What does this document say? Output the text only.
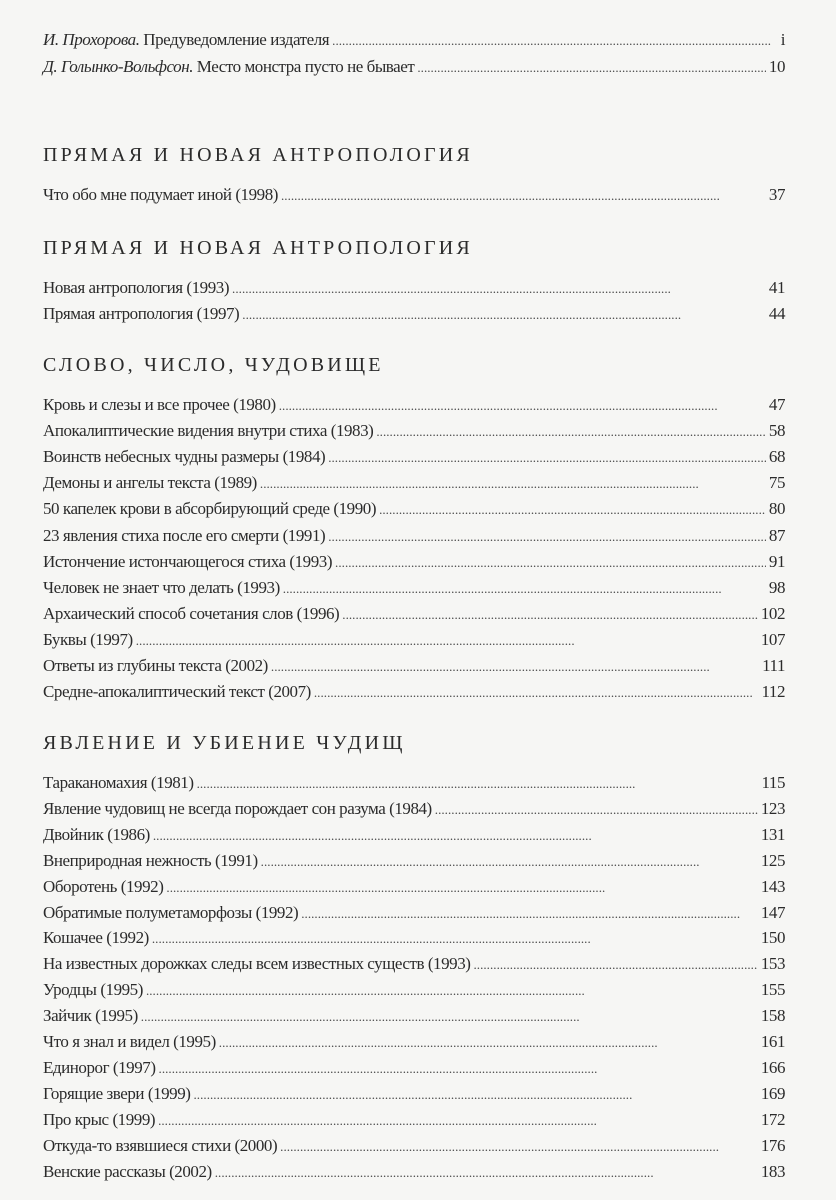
И. Прохорова. Предуведомление издателя . . .	i
Д. Голынко-Вольфсон. Место монстра пусто не бывает . . .	10
ПРЯМАЯ И НОВАЯ АНТРОПОЛОГИЯ
Что обо мне подумает иной (1998) . . .	37
ПРЯМАЯ И НОВАЯ АНТРОПОЛОГИЯ
Новая антропология (1993) . . .	41
Прямая антропология (1997) . . .	44
СЛОВО, ЧИСЛО, ЧУДОВИЩЕ
Кровь и слезы и все прочее (1980) . . .	47
Апокалиптические видения внутри стиха (1983) . . .	58
Воинств небесных чудны размеры (1984) . . .	68
Демоны и ангелы текста (1989) . . .	75
50 капелек крови в абсорбирующий среде (1990) . . .	80
23 явления стиха после его смерти (1991) . . .	87
Истончение истончающегося стиха (1993) . . .	91
Человек не знает что делать (1993) . . .	98
Архаический способ сочетания слов (1996) . . .	102
Буквы (1997) . . .	107
Ответы из глубины текста (2002) . . .	111
Средне-апокалиптический текст (2007) . . .	112
ЯВЛЕНИЕ И УБИЕНИЕ ЧУДИЩ
Тараканомахия (1981) . . .	115
Явление чудовищ не всегда порождает сон разума (1984) . . .	123
Двойник (1986) . . .	131
Внеприродная нежность (1991) . . .	125
Оборотень (1992) . . .	143
Обратимые полуметаморфозы (1992) . . .	147
Кошачее (1992) . . .	150
На известных дорожках следы всем известных существ (1993) . . .	153
Уродцы (1995) . . .	155
Зайчик (1995) . . .	158
Что я знал и видел (1995) . . .	161
Единорог (1997) . . .	166
Горящие звери (1999) . . .	169
Про крыс (1999) . . .	172
Откуда-то взявшиеся стихи (2000) . . .	176
Венские рассказы (2002) . . .	183
